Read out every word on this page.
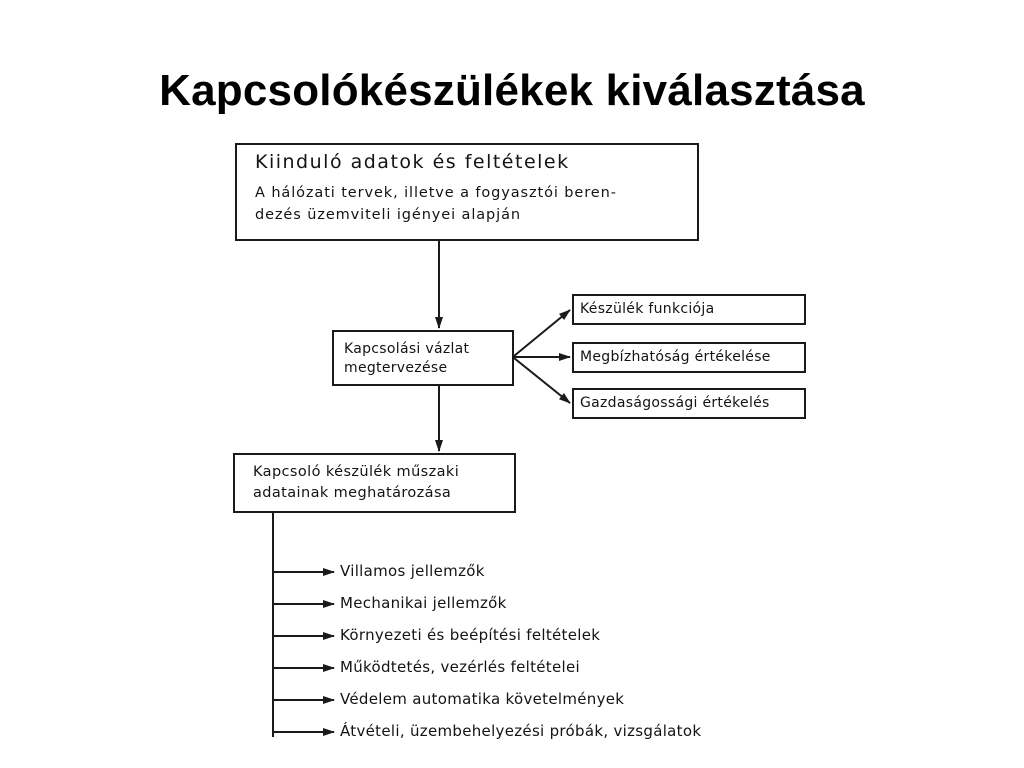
Kapcsolókészülékek kiválasztása
Kiinduló adatok és feltételek
A hálózati tervek, illetve a fogyasztói beren-
dezés üzemviteli igényei alapján
Kapcsolási vázlat
megtervezése
Készülék funkciója
Megbízhatóság értékelése
Gazdaságossági értékelés
Kapcsoló készülék műszaki
adatainak meghatározása
Villamos jellemzők
Mechanikai jellemzők
Környezeti és beépítési feltételek
Működtetés, vezérlés feltételei
Védelem automatika követelmények
Átvételi, üzembehelyezési próbák, vizsgálatok
